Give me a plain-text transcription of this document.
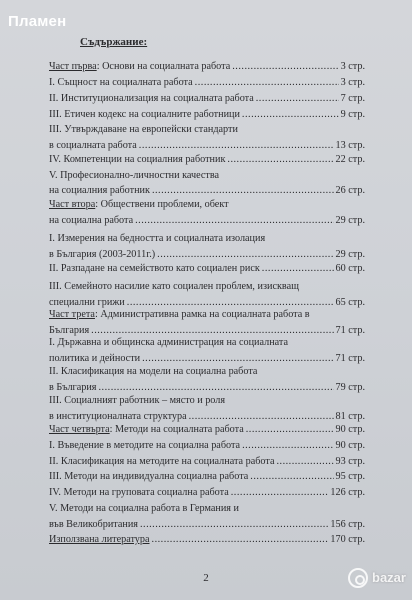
Пламен
Съдържание:
Част първа: Основи на социалната работа .....	3 стр.
I. Същност на социалната работа .....	3 стр.
II. Институционализация на социалната работа .....	7 стр.
III. Етичен кодекс на социалните работници .....	9 стр.
III. Утвърждаване на европейски стандарти
в социалната работа .....	13 стр.
IV. Компетенции на социалния работник .....	22 стр.
V. Професионално-личностни качества
на социалния работник .....	26 стр.
Част втора: Обществени проблеми, обект
на социална работа .....	29 стр.
I. Измерения на бедността и социалната изолация
в България (2003-2011г.) .....	29 стр.
II. Разпадане на семейството като социален риск .....	60 стр.
III. Семейното насилие като социален проблем, изискващ
специални грижи .....	65 стр.
Част трета: Административна рамка на социалната работа в
България .....	71 стр.
I. Държавна и общинска администрация на социалната
политика и дейности .....	71 стр.
II. Класификация на модели на социална работа
в България .....	79 стр.
III. Социалният работник – място и роля
в институционалната структура .....	81 стр.
Част четвърта: Методи на социалната работа .....	90 стр.
I. Въведение в методите на социална работа .....	90 стр.
II. Класификация на методите на социалната работа .....	93 стр.
III. Методи на индивидуална социална работа .....	95 стр.
IV. Методи на груповата социална работа .....	126 стр.
V. Методи на социална работа в Германия и
във Великобритания .....	156 стр.
Използвана литература .....	170 стр.
2	bazar
